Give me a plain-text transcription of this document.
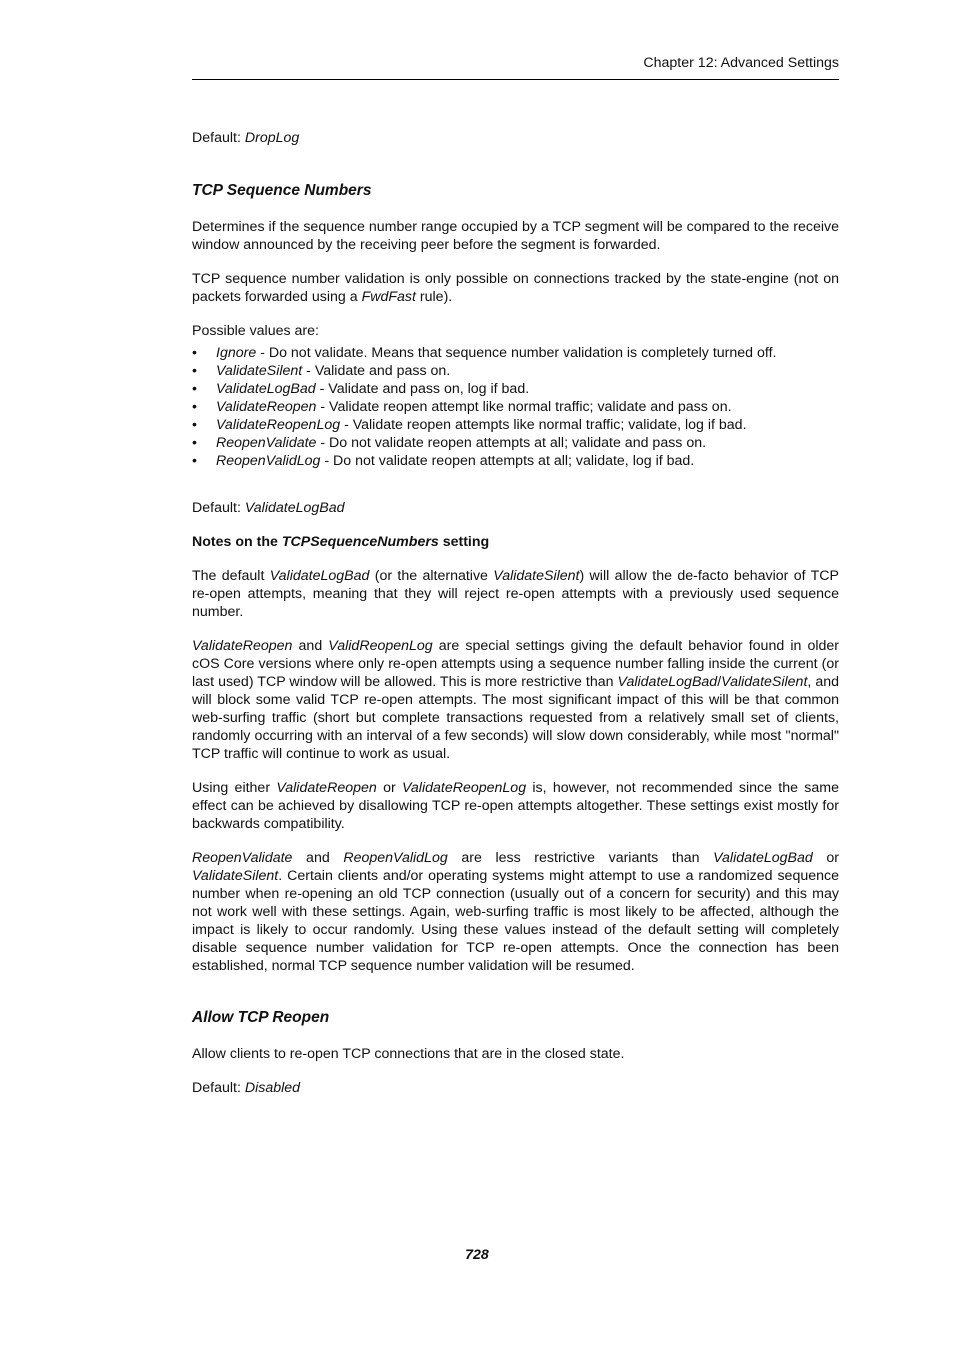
Chapter 12: Advanced Settings

Default: DropLog

TCP Sequence Numbers

Determines if the sequence number range occupied by a TCP segment will be compared to the receive window announced by the receiving peer before the segment is forwarded.

TCP sequence number validation is only possible on connections tracked by the state-engine (not on packets forwarded using a FwdFast rule).

Possible values are:

• Ignore - Do not validate. Means that sequence number validation is completely turned off.
• ValidateSilent - Validate and pass on.
• ValidateLogBad - Validate and pass on, log if bad.
• ValidateReopen - Validate reopen attempt like normal traffic; validate and pass on.
• ValidateReopenLog - Validate reopen attempts like normal traffic; validate, log if bad.
• ReopenValidate - Do not validate reopen attempts at all; validate and pass on.
• ReopenValidLog - Do not validate reopen attempts at all; validate, log if bad.

Default: ValidateLogBad

Notes on the TCPSequenceNumbers setting

The default ValidateLogBad (or the alternative ValidateSilent) will allow the de-facto behavior of TCP re-open attempts, meaning that they will reject re-open attempts with a previously used sequence number.

ValidateReopen and ValidReopenLog are special settings giving the default behavior found in older cOS Core versions where only re-open attempts using a sequence number falling inside the current (or last used) TCP window will be allowed. This is more restrictive than ValidateLogBad/ValidateSilent, and will block some valid TCP re-open attempts. The most significant impact of this will be that common web-surfing traffic (short but complete transactions requested from a relatively small set of clients, randomly occurring with an interval of a few seconds) will slow down considerably, while most "normal" TCP traffic will continue to work as usual.

Using either ValidateReopen or ValidateReopenLog is, however, not recommended since the same effect can be achieved by disallowing TCP re-open attempts altogether. These settings exist mostly for backwards compatibility.

ReopenValidate and ReopenValidLog are less restrictive variants than ValidateLogBad or ValidateSilent. Certain clients and/or operating systems might attempt to use a randomized sequence number when re-opening an old TCP connection (usually out of a concern for security) and this may not work well with these settings. Again, web-surfing traffic is most likely to be affected, although the impact is likely to occur randomly. Using these values instead of the default setting will completely disable sequence number validation for TCP re-open attempts. Once the connection has been established, normal TCP sequence number validation will be resumed.

Allow TCP Reopen

Allow clients to re-open TCP connections that are in the closed state.

Default: Disabled

728
